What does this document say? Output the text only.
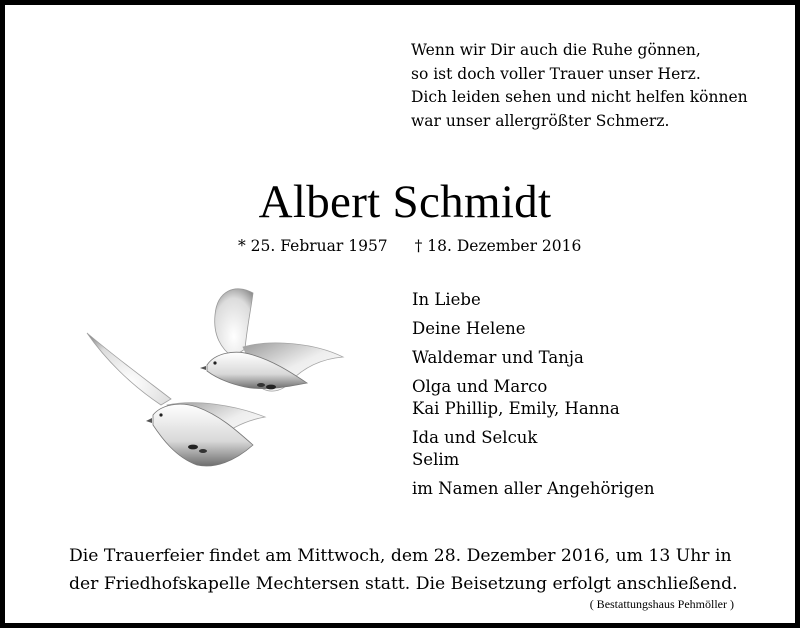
Wenn wir Dir auch die Ruhe gönnen,
so ist doch voller Trauer unser Herz.
Dich leiden sehen und nicht helfen können
war unser allergrößter Schmerz.
Albert Schmidt
* 25. Februar 1957 † 18. Dezember 2016
In Liebe
Deine Helene
Waldemar und Tanja
Olga und Marco
Kai Phillip, Emily, Hanna
Ida und Selcuk
Selim
im Namen aller Angehörigen
Die Trauerfeier findet am Mittwoch, dem 28. Dezember 2016, um 13 Uhr in
der Friedhofskapelle Mechtersen statt. Die Beisetzung erfolgt anschließend.
( Bestattungshaus Pehmöller )
